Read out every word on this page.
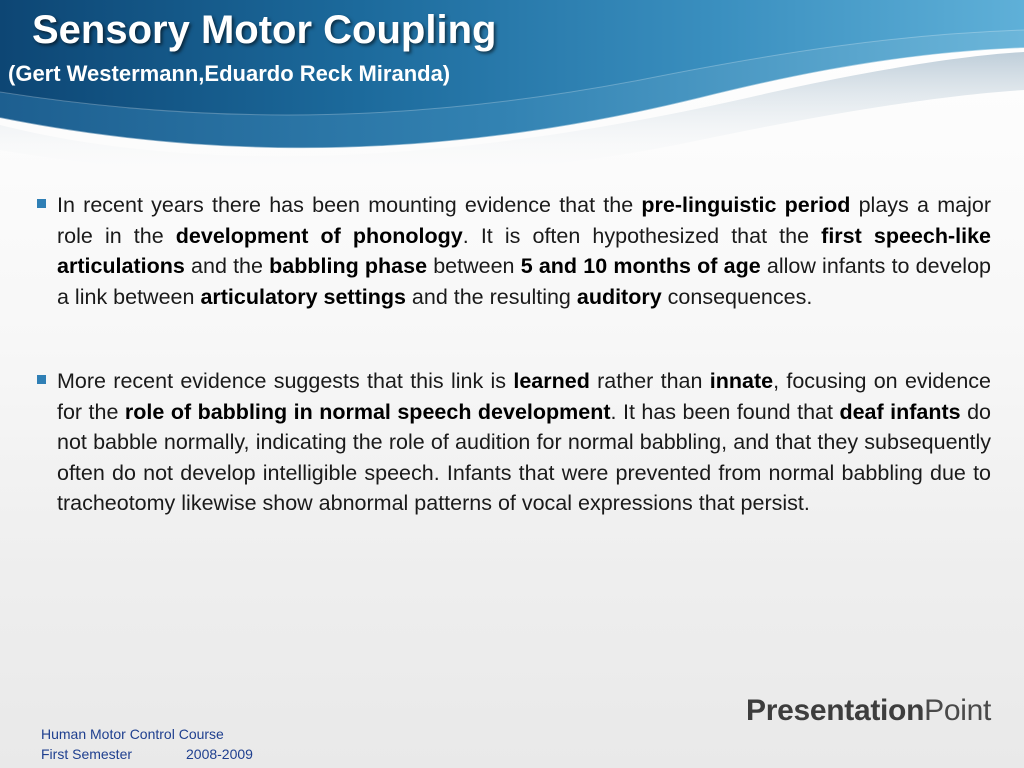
Sensory Motor Coupling
(Gert Westermann,Eduardo Reck Miranda)
In recent years there has been mounting evidence that the pre-linguistic period plays a major role in the development of phonology. It is often hypothesized that the first speech-like articulations and the babbling phase between 5 and 10 months of age allow infants to develop a link between articulatory settings and the resulting auditory consequences.
More recent evidence suggests that this link is learned rather than innate, focusing on evidence for the role of babbling in normal speech development. It has been found that deaf infants do not babble normally, indicating the role of audition for normal babbling, and that they subsequently often do not develop intelligible speech. Infants that were prevented from normal babbling due to tracheotomy likewise show abnormal patterns of vocal expressions that persist.
PresentationPoint
Human Motor Control Course
First Semester	2008-2009
